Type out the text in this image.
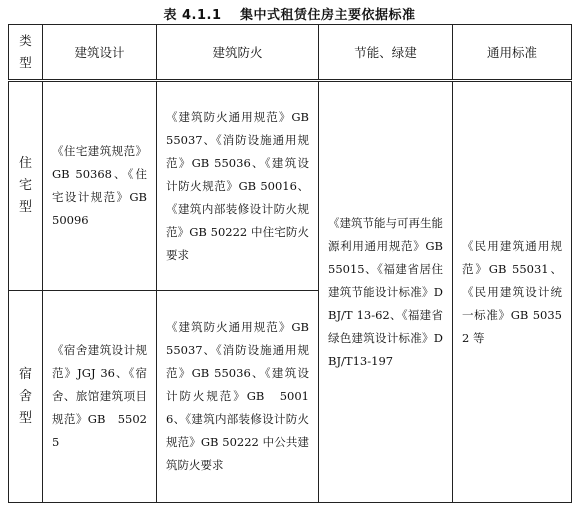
表 4.1.1　 集中式租赁住房主要依据标准
类型	建筑设计	建筑防火	节能、绿建	通用标准
住宅型	《住宅建筑规范》GB 50368、《住宅设计规范》GB　50096	《建筑防火通用规范》GB 55037、《消防设施通用规范》GB 55036、《建筑设计防火规范》GB 50016、《建筑内部装修设计防火规范》GB 50222 中住宅防火要求	《建筑节能与可再生能源利用通用规范》GB 55015、《福建省居住建筑节能设计标准》DBJ/T 13-62、《福建省绿色建筑设计标准》DBJ/T13-197	《民用建筑通用规范》GB 55031、《民用建筑设计统一标准》GB 50352 等
宿舍型	《宿舍建筑设计规范》JGJ 36、《宿舍、旅馆建筑项目规范》GB　55025	《建筑防火通用规范》GB 55037、《消防设施通用规范》GB 55036、《建筑设计防火规范》GB　50016、《建筑内部装修设计防火规范》GB 50222 中公共建筑防火要求		
